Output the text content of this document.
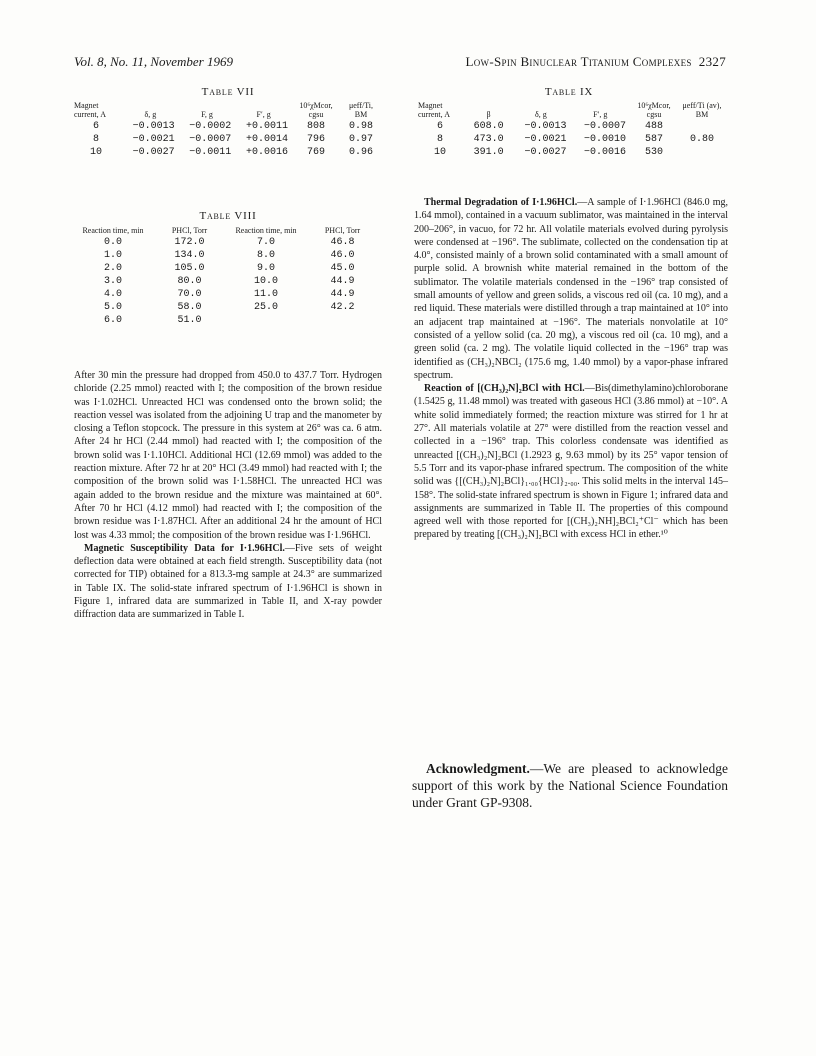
Vol. 8, No. 11, November 1969	Low-Spin Binuclear Titanium Complexes 2327
Table VII
Magnet current, A	δ, g	F, g	F′, g	10⁶χMcor, cgsu	μeff/Ti, BM
6	−0.0013	−0.0002	+0.0011	808	0.98
8	−0.0021	−0.0007	+0.0014	796	0.97
10	−0.0027	−0.0011	+0.0016	769	0.96
Table VIII
Reaction time, min	PHCl, Torr	Reaction time, min	PHCl, Torr
0.0	172.0	7.0	46.8
1.0	134.0	8.0	46.0
2.0	105.0	9.0	45.0
3.0	80.0	10.0	44.9
4.0	70.0	11.0	44.9
5.0	58.0	25.0	42.2
6.0	51.0		
Table IX
Magnet current, A	β	δ, g	F′, g	10⁶χMcor, cgsu	μeff/Ti (av), BM
6	608.0	−0.0013	−0.0007	488	
8	473.0	−0.0021	−0.0010	587	0.80
10	391.0	−0.0027	−0.0016	530	

After 30 min the pressure had dropped from 450.0 to 437.7 Torr. Hydrogen chloride (2.25 mmol) reacted with I; the composition of the brown residue was I·1.02HCl. Unreacted HCl was condensed onto the brown solid; the reaction vessel was isolated from the adjoining U trap and the manometer by closing a Teflon stopcock. The pressure in this system at 26° was ca. 6 atm. After 24 hr HCl (2.44 mmol) had reacted with I; the composition of the brown solid was I·1.10HCl. Additional HCl (12.69 mmol) was added to the reaction mixture. After 72 hr at 20° HCl (3.49 mmol) had reacted with I; the composition of the brown solid was I·1.58HCl. The unreacted HCl was again added to the brown residue and the mixture was maintained at 60°. After 70 hr HCl (4.12 mmol) had reacted with I; the composition of the brown residue was I·1.87HCl. After an additional 24 hr the amount of HCl lost was 4.33 mmol; the composition of the brown residue was I·1.96HCl.

Magnetic Susceptibility Data for I·1.96HCl.—Five sets of weight deflection data were obtained at each field strength. Susceptibility data (not corrected for TIP) obtained for a 813.3-mg sample at 24.3° are summarized in Table IX. The solid-state infrared spectrum of I·1.96HCl is shown in Figure 1, infrared data are summarized in Table II, and X-ray powder diffraction data are summarized in Table I.

Thermal Degradation of I·1.96HCl.—A sample of I·1.96HCl (846.0 mg, 1.64 mmol), contained in a vacuum sublimator, was maintained in the interval 200–206°, in vacuo, for 72 hr. All volatile materials evolved during pyrolysis were condensed at −196°. The sublimate, collected on the condensation tip at 4.0°, consisted mainly of a brown solid contaminated with a small amount of purple solid. A brownish white material remained in the bottom of the sublimator. The volatile materials condensed in the −196° trap consisted of small amounts of yellow and green solids, a viscous red oil (ca. 10 mg), and a red liquid. These materials were distilled through a trap maintained at 10° into an adjacent trap maintained at −196°. The materials nonvolatile at 10° consisted of a yellow solid (ca. 20 mg), a viscous red oil (ca. 10 mg), and a green solid (ca. 2 mg). The volatile liquid collected in the −196° trap was identified as (CH₃)₂NBCl₂ (175.6 mg, 1.40 mmol) by a vapor-phase infrared spectrum.

Reaction of [(CH₃)₂N]₂BCl with HCl.—Bis(dimethylamino)chloroborane (1.5425 g, 11.48 mmol) was treated with gaseous HCl (3.86 mmol) at −10°. A white solid immediately formed; the reaction mixture was stirred for 1 hr at 27°. All materials volatile at 27° were distilled from the reaction vessel and collected in a −196° trap. This colorless condensate was identified as unreacted [(CH₃)₂N]₂BCl (1.2923 g, 9.63 mmol) by its 25° vapor tension of 5.5 Torr and its vapor-phase infrared spectrum. The composition of the white solid was {[(CH₃)₂N]₂BCl}₁.₀₀{HCl}₂.₀₀. This solid melts in the interval 145–158°. The solid-state infrared spectrum is shown in Figure 1; infrared data and assignments are summarized in Table II. The properties of this compound agreed well with those reported for [(CH₃)₂NH]₂BCl₂⁺Cl⁻ which has been prepared by treating [(CH₃)₂N]₂BCl with excess HCl in ether.¹⁰

Acknowledgment.—We are pleased to acknowledge support of this work by the National Science Foundation under Grant GP-9308.
